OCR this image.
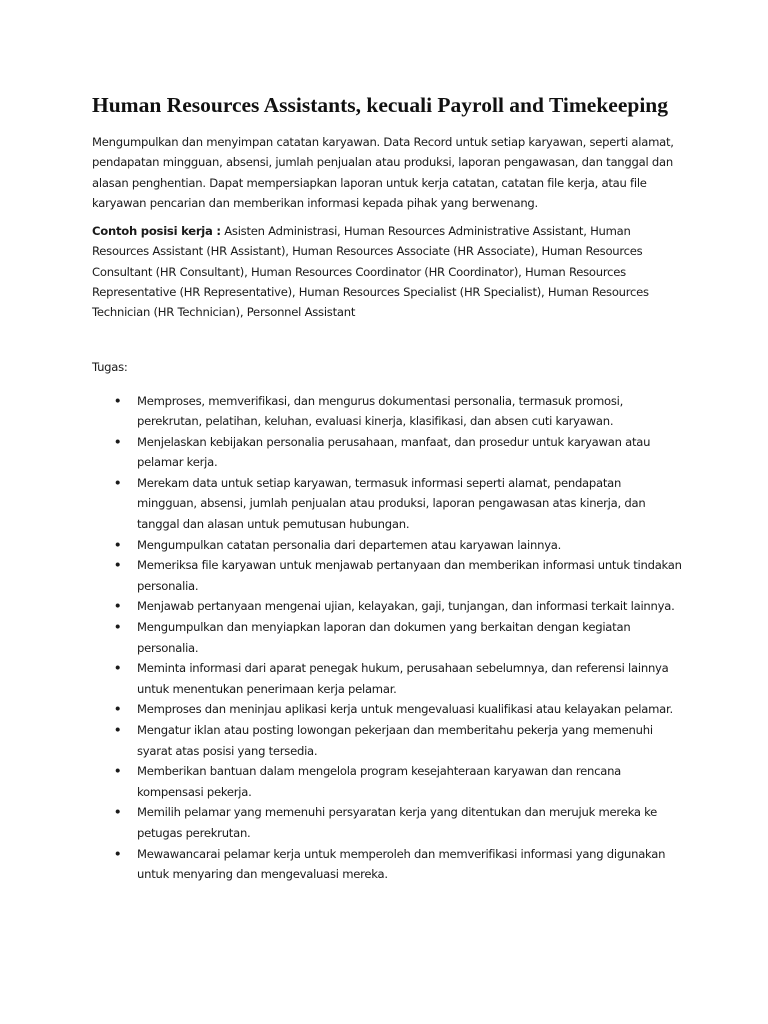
Human Resources Assistants, kecuali Payroll and Timekeeping

Mengumpulkan dan menyimpan catatan karyawan. Data Record untuk setiap karyawan, seperti alamat, pendapatan mingguan, absensi, jumlah penjualan atau produksi, laporan pengawasan, dan tanggal dan alasan penghentian. Dapat mempersiapkan laporan untuk kerja catatan, catatan file kerja, atau file karyawan pencarian dan memberikan informasi kepada pihak yang berwenang.

Contoh posisi kerja : Asisten Administrasi, Human Resources Administrative Assistant, Human Resources Assistant (HR Assistant), Human Resources Associate (HR Associate), Human Resources Consultant (HR Consultant), Human Resources Coordinator (HR Coordinator), Human Resources Representative (HR Representative), Human Resources Specialist (HR Specialist), Human Resources Technician (HR Technician), Personnel Assistant

Tugas:

• Memproses, memverifikasi, dan mengurus dokumentasi personalia, termasuk promosi, perekrutan, pelatihan, keluhan, evaluasi kinerja, klasifikasi, dan absen cuti karyawan.
• Menjelaskan kebijakan personalia perusahaan, manfaat, dan prosedur untuk karyawan atau pelamar kerja.
• Merekam data untuk setiap karyawan, termasuk informasi seperti alamat, pendapatan mingguan, absensi, jumlah penjualan atau produksi, laporan pengawasan atas kinerja, dan tanggal dan alasan untuk pemutusan hubungan.
• Mengumpulkan catatan personalia dari departemen atau karyawan lainnya.
• Memeriksa file karyawan untuk menjawab pertanyaan dan memberikan informasi untuk tindakan personalia.
• Menjawab pertanyaan mengenai ujian, kelayakan, gaji, tunjangan, dan informasi terkait lainnya.
• Mengumpulkan dan menyiapkan laporan dan dokumen yang berkaitan dengan kegiatan personalia.
• Meminta informasi dari aparat penegak hukum, perusahaan sebelumnya, dan referensi lainnya untuk menentukan penerimaan kerja pelamar.
• Memproses dan meninjau aplikasi kerja untuk mengevaluasi kualifikasi atau kelayakan pelamar.
• Mengatur iklan atau posting lowongan pekerjaan dan memberitahu pekerja yang memenuhi syarat atas posisi yang tersedia.
• Memberikan bantuan dalam mengelola program kesejahteraan karyawan dan rencana kompensasi pekerja.
• Memilih pelamar yang memenuhi persyaratan kerja yang ditentukan dan merujuk mereka ke petugas perekrutan.
• Mewawancarai pelamar kerja untuk memperoleh dan memverifikasi informasi yang digunakan untuk menyaring dan mengevaluasi mereka.
